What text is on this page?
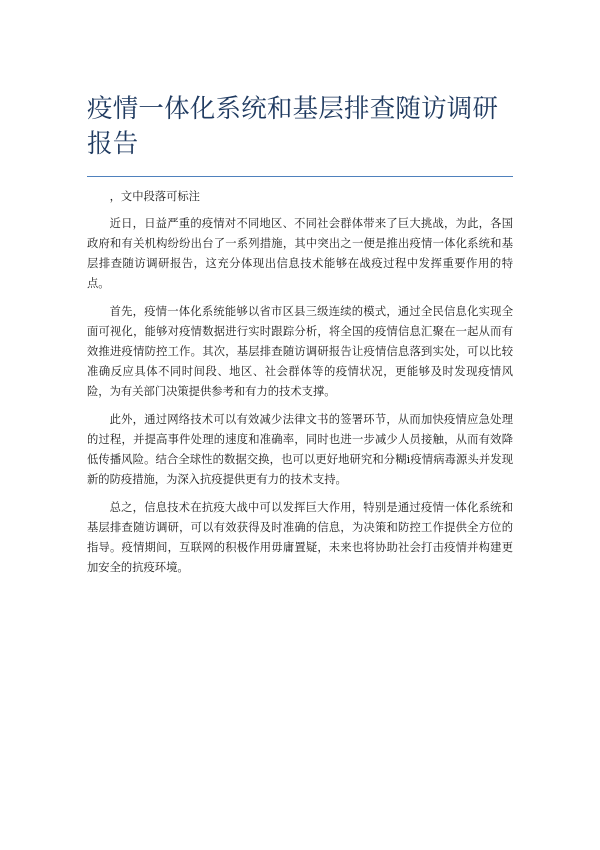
疫情一体化系统和基层排查随访调研报告

，文中段落可标注

近日，日益严重的疫情对不同地区、不同社会群体带来了巨大挑战，为此，各国政府和有关机构纷纷出台了一系列措施，其中突出之一便是推出疫情一体化系统和基层排查随访调研报告，这充分体现出信息技术能够在战疫过程中发挥重要作用的特点。

首先，疫情一体化系统能够以省市区县三级连续的模式，通过全民信息化实现全面可视化，能够对疫情数据进行实时跟踪分析，将全国的疫情信息汇聚在一起从而有效推进疫情防控工作。其次，基层排查随访调研报告让疫情信息落到实处，可以比较准确反应具体不同时间段、地区、社会群体等的疫情状况，更能够及时发现疫情风险，为有关部门决策提供参考和有力的技术支撑。

此外，通过网络技术可以有效减少法律文书的签署环节，从而加快疫情应急处理的过程，并提高事件处理的速度和准确率，同时也进一步减少人员接触，从而有效降低传播风险。结合全球性的数据交换，也可以更好地研究和分糊i疫情病毒源头并发现新的防疫措施，为深入抗疫提供更有力的技术支持。

总之，信息技术在抗疫大战中可以发挥巨大作用，特别是通过疫情一体化系统和基层排查随访调研，可以有效获得及时准确的信息，为决策和防控工作提供全方位的指导。疫情期间，互联网的积极作用毋庸置疑，未来也将协助社会打击疫情并构建更加安全的抗疫环境。
